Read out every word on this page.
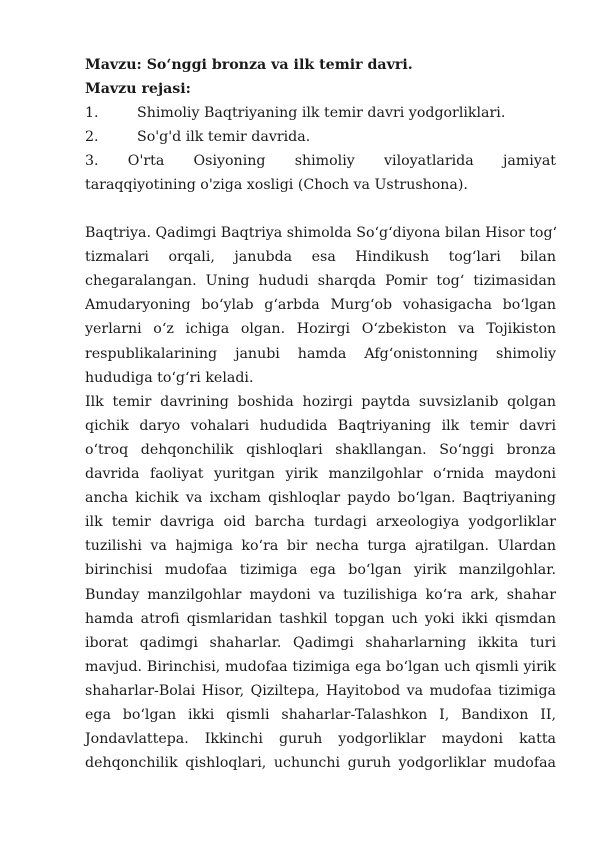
Mavzu: So‘nggi bronza va ilk temir davri.
Mavzu rejasi:
1.	Shimoliy Baqtriyaning ilk temir davri yodgorliklari.
2.	So'g'd ilk temir davrida.
3. O'rta Osiyoning shimoliy viloyatlarida jamiyat
taraqqiyotining o'ziga xosligi (Choch va Ustrushona).
Baqtriya. Qadimgi Baqtriya shimolda So‘g‘diyona bilan Hisor tog‘
tizmalari orqali, janubda esa Hindikush tog‘lari bilan
chegaralangan. Uning hududi sharqda Pomir tog‘ tizimasidan
Amudaryoning bo‘ylab g‘arbda Murg‘ob vohasigacha bo‘lgan
yerlarni o‘z ichiga olgan. Hozirgi O‘zbekiston va Tojikiston
respublikalarining janubi hamda Afg‘onistonning shimoliy
hududiga to‘g‘ri keladi.
Ilk temir davrining boshida hozirgi paytda suvsizlanib qolgan
qichik daryo vohalari hududida Baqtriyaning ilk temir davri
o‘troq dehqonchilik qishloqlari shakllangan. So‘nggi bronza
davrida faoliyat yuritgan yirik manzilgohlar o‘rnida maydoni
ancha kichik va ixcham qishloqlar paydo bo‘lgan. Baqtriyaning
ilk temir davriga oid barcha turdagi arxeologiya yodgorliklar
tuzilishi va hajmiga ko‘ra bir necha turga ajratilgan. Ulardan
birinchisi mudofaa tizimiga ega bo‘lgan yirik manzilgohlar.
Bunday manzilgohlar maydoni va tuzilishiga ko‘ra ark, shahar
hamda atrofi qismlaridan tashkil topgan uch yoki ikki qismdan
iborat qadimgi shaharlar. Qadimgi shaharlarning ikkita turi
mavjud. Birinchisi, mudofaa tizimiga ega bo‘lgan uch qismli yirik
shaharlar-Bolai Hisor, Qiziltepa, Hayitobod va mudofaa tizimiga
ega bo‘lgan ikki qismli shaharlar-Talashkon I, Bandixon II,
Jondavlattepa. Ikkinchi guruh yodgorliklar maydoni katta
dehqonchilik qishloqlari, uchunchi guruh yodgorliklar mudofaa
